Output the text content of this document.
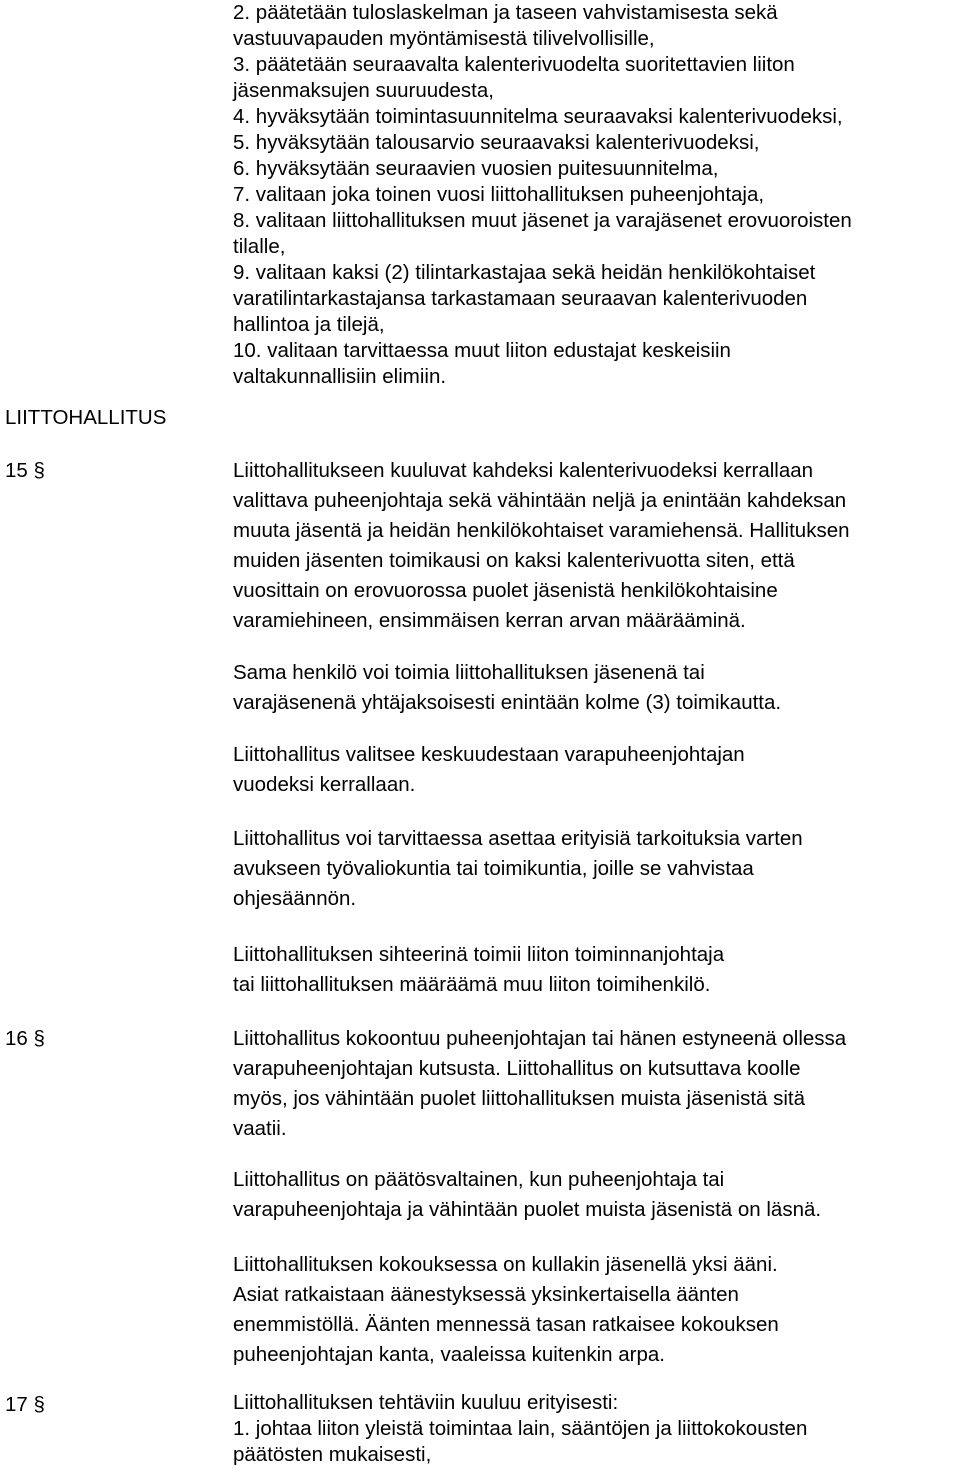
2. päätetään tuloslaskelman ja taseen vahvistamisesta sekä
vastuuvapauden myöntämisestä tilivelvollisille,
3. päätetään seuraavalta kalenterivuodelta suoritettavien liiton
jäsenmaksujen suuruudesta,
4. hyväksytään toimintasuunnitelma seuraavaksi kalenterivuodeksi,
5. hyväksytään talousarvio seuraavaksi kalenterivuodeksi,
6. hyväksytään seuraavien vuosien puitesuunnitelma,
7. valitaan joka toinen vuosi liittohallituksen puheenjohtaja,
8. valitaan liittohallituksen muut jäsenet ja varajäsenet erovuoroisten
tilalle,
9. valitaan kaksi (2) tilintarkastajaa sekä heidän henkilökohtaiset
varatilintarkastajansa tarkastamaan seuraavan kalenterivuoden
hallintoa ja tilejä,
10. valitaan tarvittaessa muut liiton edustajat keskeisiin
valtakunnallisiin elimiin.
LIITTOHALLITUS
15 §	Liittohallitukseen kuuluvat kahdeksi kalenterivuodeksi kerrallaan
valittava puheenjohtaja sekä vähintään neljä ja enintään kahdeksan
muuta jäsentä ja heidän henkilökohtaiset varamiehensä. Hallituksen
muiden jäsenten toimikausi on kaksi kalenterivuotta siten, että
vuosittain on erovuorossa puolet jäsenistä henkilökohtaisine
varamiehineen, ensimmäisen kerran arvan määrääminä.
Sama henkilö voi toimia liittohallituksen jäsenenä tai
varajäsenenä yhtäjaksoisesti enintään kolme (3) toimikautta.
Liittohallitus valitsee keskuudestaan varapuheenjohtajan
vuodeksi kerrallaan.
Liittohallitus voi tarvittaessa asettaa erityisiä tarkoituksia varten
avukseen työvaliokuntia tai toimikuntia, joille se vahvistaa
ohjesäännön.
Liittohallituksen sihteerinä toimii liiton toiminnanjohtaja
tai liittohallituksen määräämä muu liiton toimihenkilö.
16 §	Liittohallitus kokoontuu puheenjohtajan tai hänen estyneenä ollessa
varapuheenjohtajan kutsusta. Liittohallitus on kutsuttava koolle
myös, jos vähintään puolet liittohallituksen muista jäsenistä sitä
vaatii.
Liittohallitus on päätösvaltainen, kun puheenjohtaja tai
varapuheenjohtaja ja vähintään puolet muista jäsenistä on läsnä.
Liittohallituksen kokouksessa on kullakin jäsenellä yksi ääni.
Asiat ratkaistaan äänestyksessä yksinkertaisella äänten
enemmistöllä. Äänten mennessä tasan ratkaisee kokouksen
puheenjohtajan kanta, vaaleissa kuitenkin arpa.
17 §	Liittohallituksen tehtäviin kuuluu erityisesti:
1. johtaa liiton yleistä toimintaa lain, sääntöjen ja liittokokousten
päätösten mukaisesti,
